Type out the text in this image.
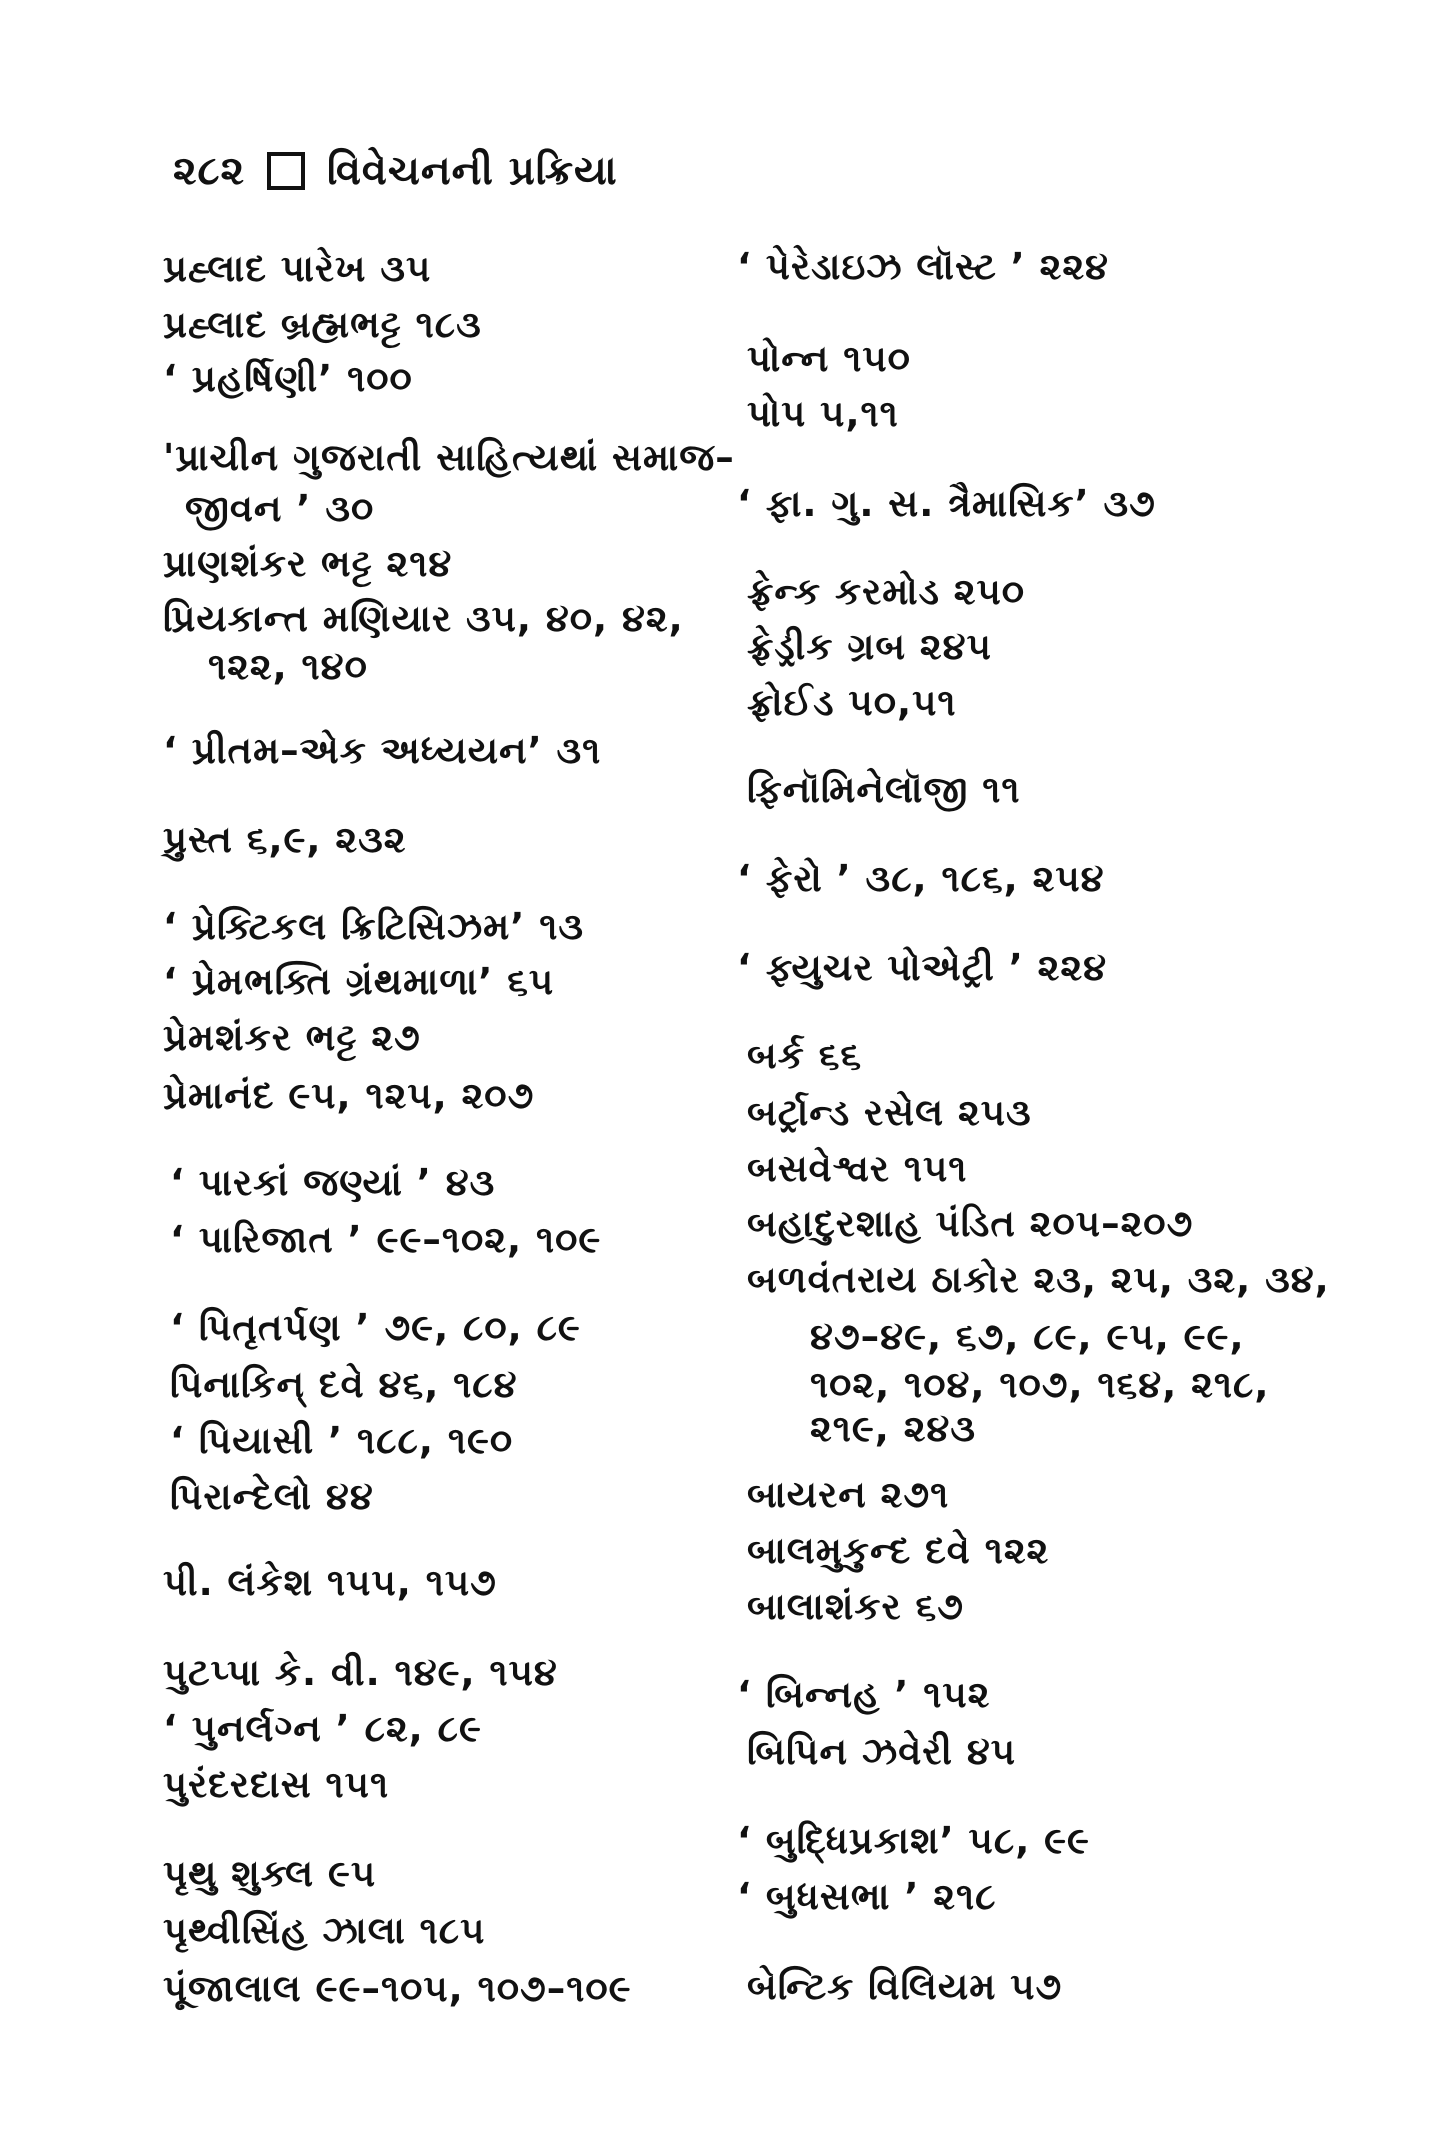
૨૮૨ વિવેચનની પ્રક્રિયા
પ્રહ્લાદ પારેખ ૩૫
પ્રહ્લાદ બ્રહ્મભટ્ટ ૧૮૩
‘ પ્રહર્ષિણી’ ૧૦૦
'પ્રાચીન ગુજરાતી સાહિત્યથાં સમાજ–
જીવન ’ ૩૦
પ્રાણશંકર ભટ્ટ ૨૧૪
પ્રિયકાન્ત મણિયાર ૩૫, ૪૦, ૪૨,
૧૨૨, ૧૪૦
‘ પ્રીતમ–એક અધ્યયન’ ૩૧
પ્રુસ્ત ૬,૯, ૨૩૨
‘ પ્રેક્ટિકલ ક્રિટિસિઝમ’ ૧૩
‘ પ્રેમભક્તિ ગ્રંથમાળા’ ૬૫
પ્રેમશંકર ભટ્ટ ૨૭
પ્રેમાનંદ ૯૫, ૧૨૫, ૨૦૭
‘ પારકાં જણ્યાં ’ ૪૩
‘ પારિજાત ’ ૯૯–૧૦૨, ૧૦૯
‘ પિતૃતર્પણ ’ ૭૯, ૮૦, ૮૯
પિનાકિન્ દવે ૪૬, ૧૮૪
‘ પિયાસી ’ ૧૮૮, ૧૯૦
પિરાન્દેલો ૪૪
પી. લંકેશ ૧૫૫, ૧૫૭
પુટપ્પા કે. વી. ૧૪૯, ૧૫૪
‘ પુનર્લગ્ન ’ ૮૨, ૮૯
પુરંદરદાસ ૧૫૧
પૃથુ શુક્લ ૯૫
પૃથ્વીસિંહ ઝાલા ૧૮૫
પૂંજાલાલ ૯૯–૧૦૫, ૧૦૭–૧૦૯
‘ પેરેડાઇઝ લૉસ્ટ ’ ૨૨૪
પોન્ન ૧૫૦
પોપ ૫,૧૧
‘ ફા. ગુ. સ. ત્રૈમાસિક’ ૩૭
ફ્રેન્ક કરમોડ ૨૫૦
ફ્રેડ્રીક ગ્રબ ૨૪૫
ફ્રોઈડ ૫૦,૫૧
ફિનૉમિનેલૉજી ૧૧
‘ ફેરો ’ ૩૮, ૧૮૬, ૨૫૪
‘ ફ્યુચર પોએટ્રી ’ ૨૨૪
બર્ક ૬૬
બર્ટ્રાન્ડ રસેલ ૨૫૩
બસવેશ્વર ૧૫૧
બહાદુરશાહ પંડિત ૨૦૫–૨૦૭
બળવંતરાય ઠાકોર ૨૩, ૨૫, ૩૨, ૩૪,
૪૭–૪૯, ૬૭, ૮૯, ૯૫, ૯૯,
૧૦૨, ૧૦૪, ૧૦૭, ૧૬૪, ૨૧૮,
૨૧૯, ૨૪૩
બાયરન ૨૭૧
બાલમુકુન્દ દવે ૧૨૨
બાલાશંકર ૬૭
‘ બિન્નહ ’ ૧૫૨
બિપિન ઝવેરી ૪૫
‘ બુદ્ધિપ્રકાશ’ ૫૮, ૯૯
‘ બુધસભા ’ ૨૧૮
બેન્ટિક વિલિયમ ૫૭
